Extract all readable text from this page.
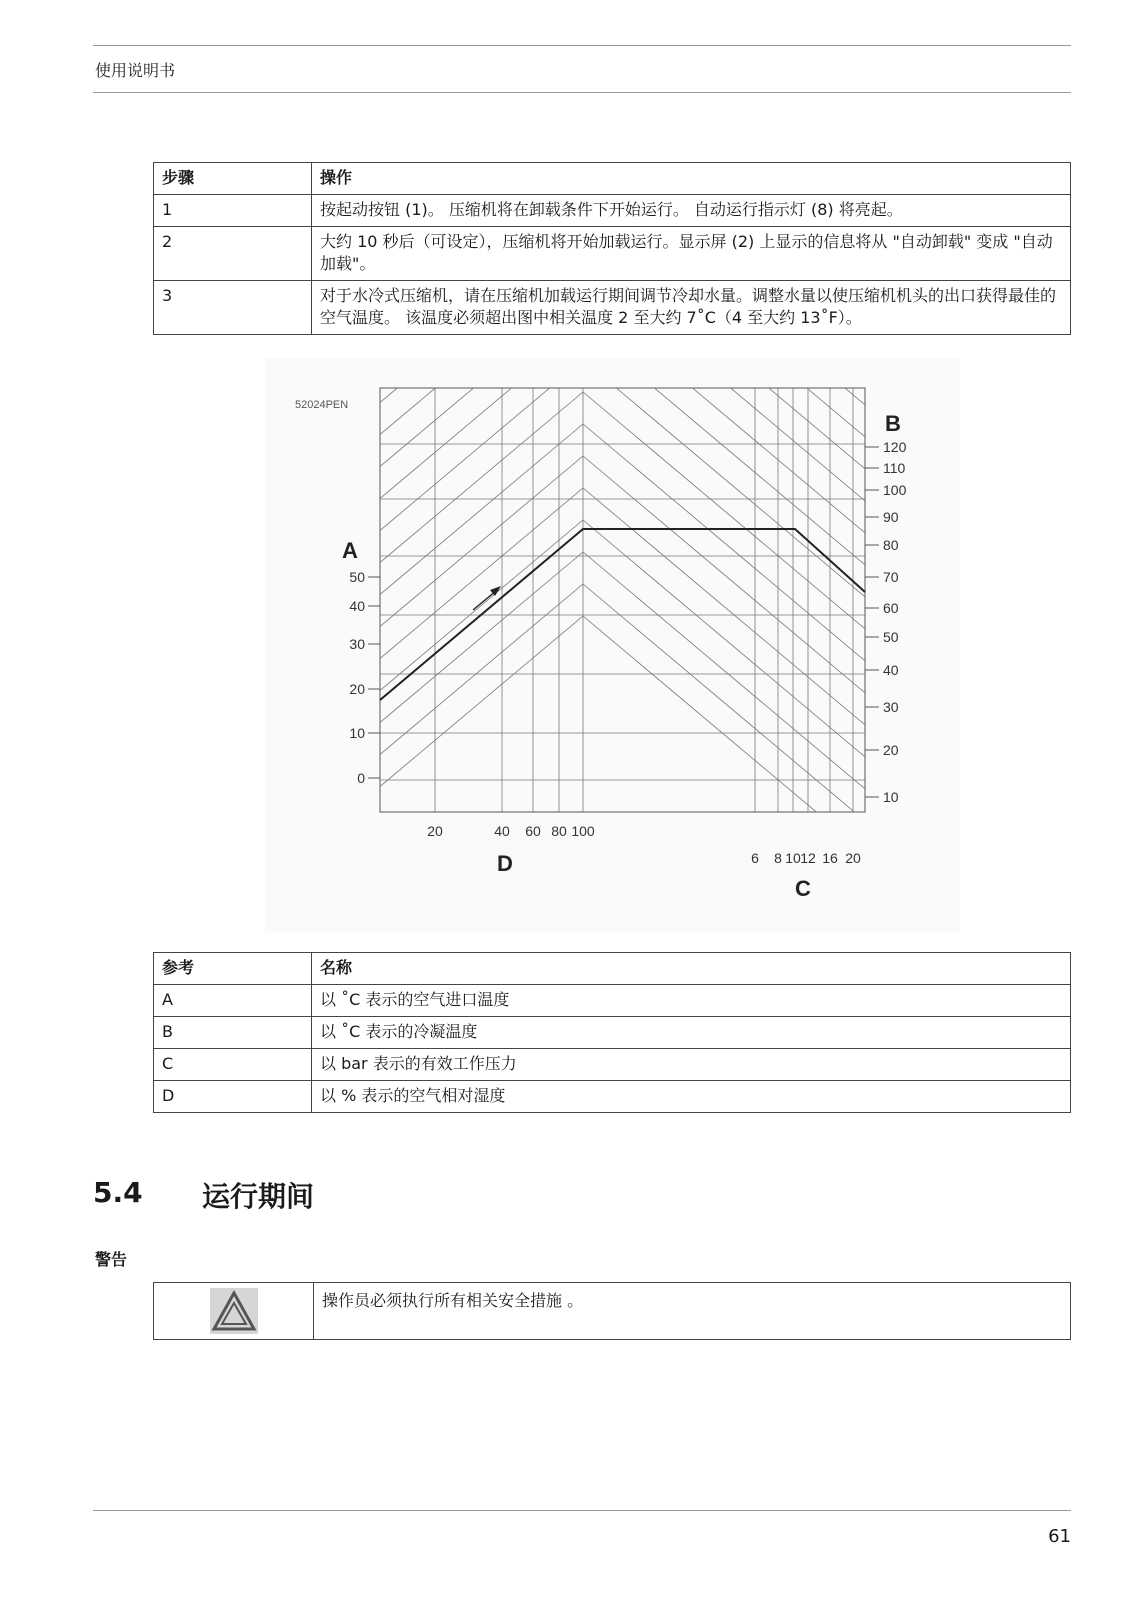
使用说明书
步骤	操作
1	按起动按钮 (1)。 压缩机将在卸载条件下开始运行。 自动运行指示灯 (8) 将亮起。
2	大约 10 秒后（可设定），压缩机将开始加载运行。显示屏 (2) 上显示的信息将从 "自动卸载" 变成 "自动加载"。
3	对于水冷式压缩机，请在压缩机加载运行期间调节冷却水量。调整水量以使压缩机机头的出口获得最佳的空气温度。 该温度必须超出图中相关温度 2 至大约 7˚C（4 至大约 13˚F）。
50
40
30
20
10
0
120
110
100
90
80
70
60
50
40
30
20
10
20	40 60 80 100
6 8 10 12 16 20
52024PEN
A
B
D
C
参考	名称
A	以 ˚C 表示的空气进口温度
B	以 ˚C 表示的冷凝温度
C	以 bar 表示的有效工作压力
D	以 % 表示的空气相对湿度
5.4 运行期间
警告
	操作员必须执行所有相关安全措施 。
61
